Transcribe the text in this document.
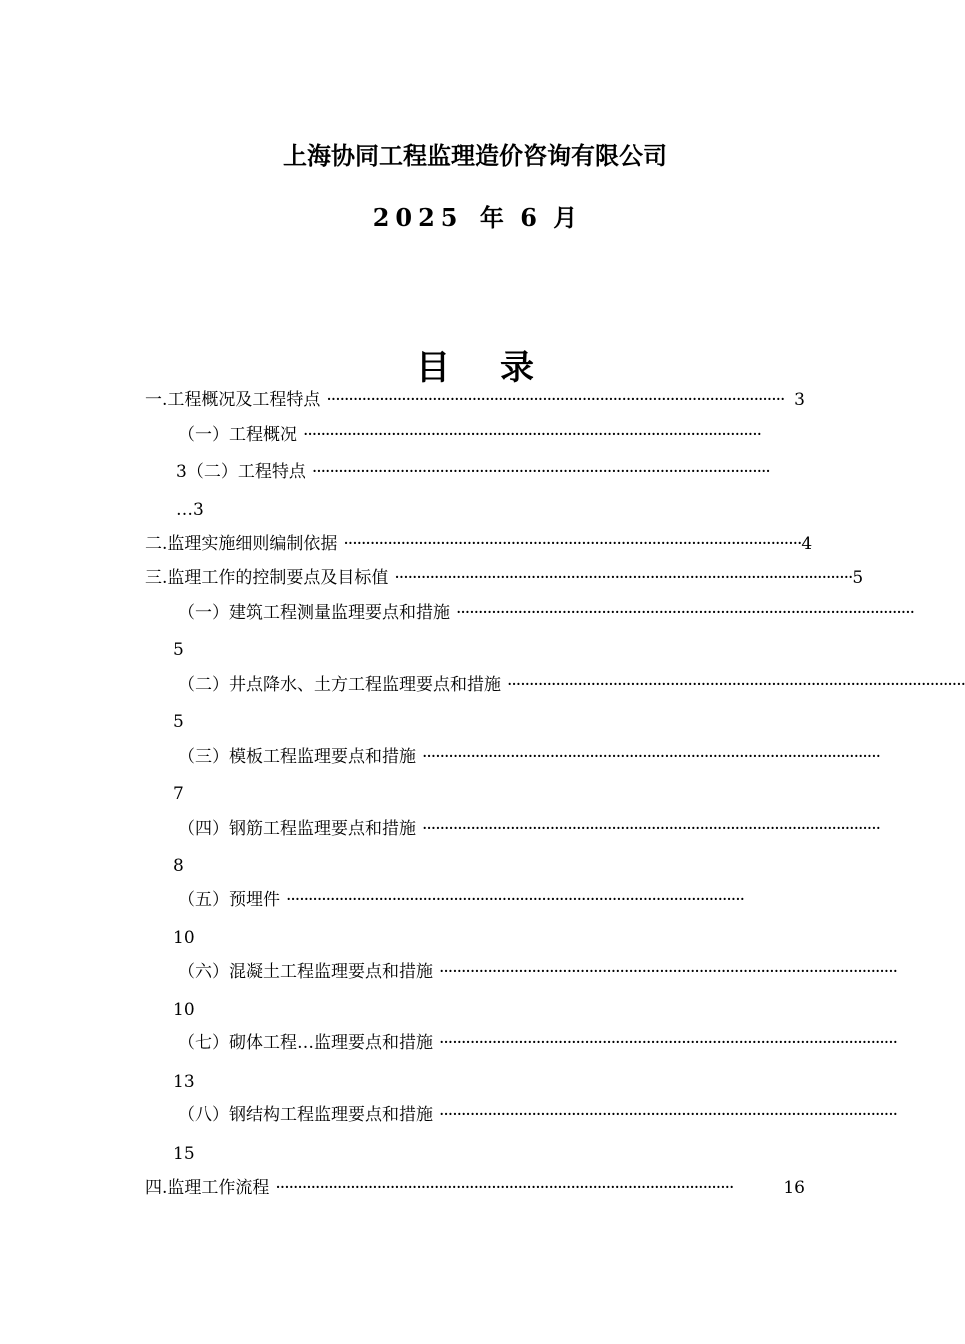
上海协同工程监理造价咨询有限公司
2025 年 6 月
目 录
一.工程概况及工程特点 ········································································································ 3
（一）工程概况 ········································································································
3（二）工程特点 ········································································································
…3
二.监理实施细则编制依据 ········································································································ 4
三.监理工作的控制要点及目标值 ········································································································ 5
（一）建筑工程测量监理要点和措施 ········································································································
5
（二）井点降水、土方工程监理要点和措施 ········································································································
5
（三）模板工程监理要点和措施 ········································································································
7
（四）钢筋工程监理要点和措施 ········································································································
8
（五）预埋件 ········································································································
10
（六）混凝土工程监理要点和措施 ········································································································
10
（七）砌体工程…监理要点和措施 ········································································································
13
（八）钢结构工程监理要点和措施 ········································································································
15
四.监理工作流程 ········································································································	16
